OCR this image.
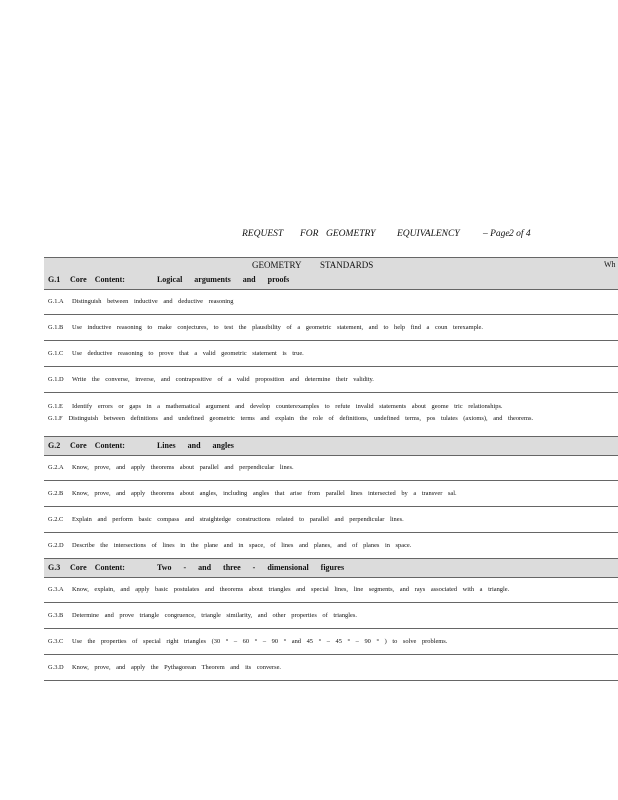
REQUEST FOR GEOMETRY EQUIVALENCY – Page 2 of 4
GEOMETRY STANDARDS	Wh
G.1 Core Content:	Logical arguments and proofs
G.1.A	Distinguish between inductive and deductive reasoning
G.1.B	Use inductive reasoning to make conjectures, to test the plausibility of a geometric statement, and to help find a coun terexample.
G.1.C	Use deductive reasoning to prove that a valid geometric statement is true.
G.1.D	Write the converse, inverse, and contrapositive of a valid proposition and determine their validity.
G.1.E	Identify errors or gaps in a mathematical argument and develop counterexamples to refute invalid statements about geome tric relationships.
G.1.F Distinguish between definitions and undefined geometric terms and explain the role of definitions, undefined terms, pos tulates (axioms), and theorems.
G.2 Core Content:	Lines and angles
G.2.A	Know, prove, and apply theorems about parallel and perpendicular lines.
G.2.B	Know, prove, and apply theorems about angles, including angles that arise from parallel lines intersected by a transver sal.
G.2.C	Explain and perform basic compass and straightedge constructions related to parallel and perpendicular lines.
G.2.D	Describe the intersections of lines in the plane and in space, of lines and planes, and of planes in space.
G.3 Core Content:	Two - and three - dimensional figures
G.3.A	Know, explain, and apply basic postulates and theorems about triangles and special lines, line segments, and rays associated with a triangle.
G.3.B	Determine and prove triangle congruence, triangle similarity, and other properties of triangles.
G.3.C	Use the properties of special right triangles (30 ° – 60 ° – 90 ° and 45 ° – 45 ° – 90 ° ) to solve problems.
G.3.D	Know, prove, and apply the Pythagorean Theorem and its converse.
